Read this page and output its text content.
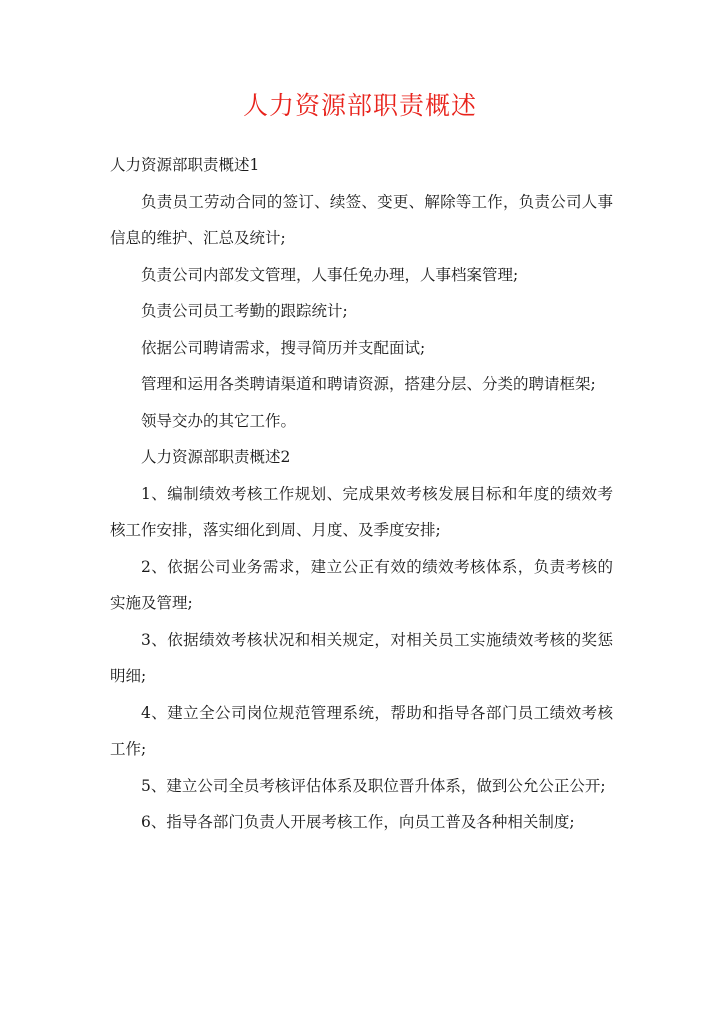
人力资源部职责概述

人力资源部职责概述1

负责员工劳动合同的签订、续签、变更、解除等工作，负责公司人事信息的维护、汇总及统计;

负责公司内部发文管理，人事任免办理，人事档案管理;

负责公司员工考勤的跟踪统计;

依据公司聘请需求，搜寻简历并支配面试;

管理和运用各类聘请渠道和聘请资源，搭建分层、分类的聘请框架;

领导交办的其它工作。

人力资源部职责概述2

1、编制绩效考核工作规划、完成果效考核发展目标和年度的绩效考核工作安排，落实细化到周、月度、及季度安排;

2、依据公司业务需求，建立公正有效的绩效考核体系，负责考核的实施及管理;

3、依据绩效考核状况和相关规定，对相关员工实施绩效考核的奖惩明细;

4、建立全公司岗位规范管理系统，帮助和指导各部门员工绩效考核工作;

5、建立公司全员考核评估体系及职位晋升体系，做到公允公正公开;

6、指导各部门负责人开展考核工作，向员工普及各种相关制度;
